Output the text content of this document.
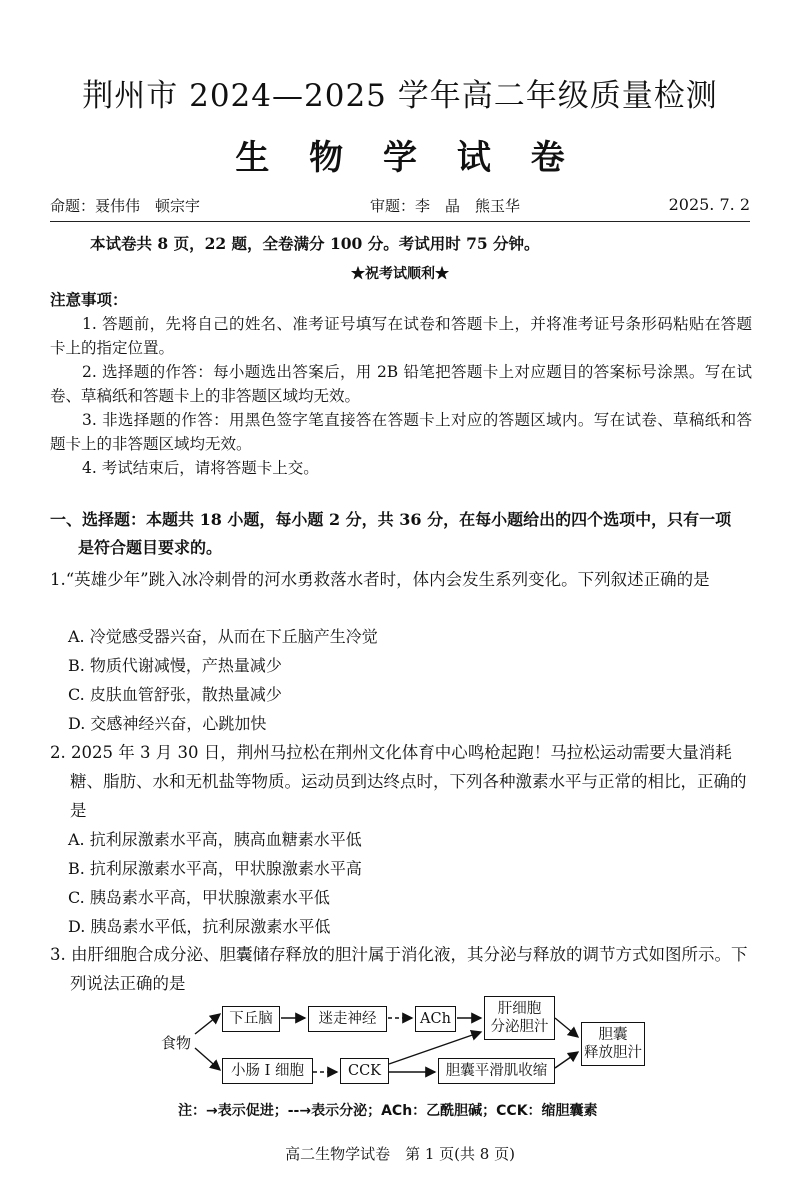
荆州市 2024—2025 学年高二年级质量检测
生 物 学 试 卷
命题：聂伟伟　顿宗宇	审题：李　晶　熊玉华	2025. 7. 2
本试卷共 8 页，22 题，全卷满分 100 分。考试用时 75 分钟。
★祝考试顺利★
注意事项：
1. 答题前，先将自己的姓名、准考证号填写在试卷和答题卡上，并将准考证号条形码粘贴在答题卡上的指定位置。
2. 选择题的作答：每小题选出答案后，用 2B 铅笔把答题卡上对应题目的答案标号涂黑。写在试卷、草稿纸和答题卡上的非答题区域均无效。
3. 非选择题的作答：用黑色签字笔直接答在答题卡上对应的答题区域内。写在试卷、草稿纸和答题卡上的非答题区域均无效。
4. 考试结束后，请将答题卡上交。
一、选择题：本题共 18 小题，每小题 2 分，共 36 分，在每小题给出的四个选项中，只有一项
是符合题目要求的。
1.“英雄少年”跳入冰冷刺骨的河水勇救落水者时，体内会发生系列变化。下列叙述正确的是
A. 冷觉感受器兴奋，从而在下丘脑产生冷觉
B. 物质代谢减慢，产热量减少
C. 皮肤血管舒张，散热量减少
D. 交感神经兴奋，心跳加快
2. 2025 年 3 月 30 日，荆州马拉松在荆州文化体育中心鸣枪起跑！马拉松运动需要大量消耗糖、脂肪、水和无机盐等物质。运动员到达终点时，下列各种激素水平与正常的相比，正确的是
A. 抗利尿激素水平高，胰高血糖素水平低
B. 抗利尿激素水平高，甲状腺激素水平高
C. 胰岛素水平高，甲状腺激素水平低
D. 胰岛素水平低，抗利尿激素水平低
3. 由肝细胞合成分泌、胆囊储存释放的胆汁属于消化液，其分泌与释放的调节方式如图所示。下列说法正确的是
食物
下丘脑	迷走神经	ACh
肝细胞
分泌胆汁	胆囊
释放胆汁
小肠 I 细胞	CCK	胆囊平滑肌收缩
注：→表示促进；--→表示分泌；ACh：乙酰胆碱；CCK：缩胆囊素
高二生物学试卷　第 1 页(共 8 页)
